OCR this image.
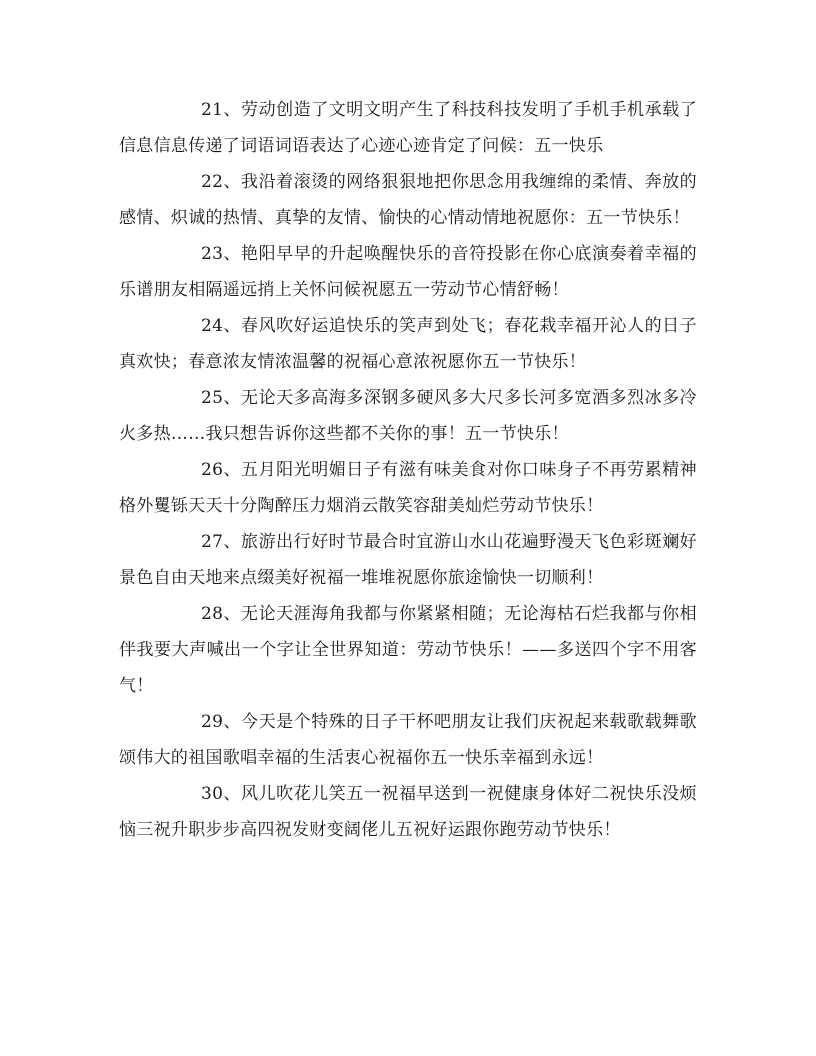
21、劳动创造了文明文明产生了科技科技发明了手机手机承载了信息信息传递了词语词语表达了心迹心迹肯定了问候：五一快乐

22、我沿着滚烫的网络狠狠地把你思念用我缠绵的柔情、奔放的感情、炽诚的热情、真挚的友情、愉快的心情动情地祝愿你：五一节快乐！

23、艳阳早早的升起唤醒快乐的音符投影在你心底演奏着幸福的乐谱朋友相隔遥远捎上关怀问候祝愿五一劳动节心情舒畅！

24、春风吹好运追快乐的笑声到处飞；春花栽幸福开沁人的日子真欢快；春意浓友情浓温馨的祝福心意浓祝愿你五一节快乐！

25、无论天多高海多深钢多硬风多大尺多长河多宽酒多烈冰多冷火多热……我只想告诉你这些都不关你的事！五一节快乐！

26、五月阳光明媚日子有滋有味美食对你口味身子不再劳累精神格外矍铄天天十分陶醉压力烟消云散笑容甜美灿烂劳动节快乐！

27、旅游出行好时节最合时宜游山水山花遍野漫天飞色彩斑斓好景色自由天地来点缀美好祝福一堆堆祝愿你旅途愉快一切顺利！

28、无论天涯海角我都与你紧紧相随；无论海枯石烂我都与你相伴我要大声喊出一个字让全世界知道：劳动节快乐！——多送四个字不用客气！

29、今天是个特殊的日子干杯吧朋友让我们庆祝起来载歌载舞歌颂伟大的祖国歌唱幸福的生活衷心祝福你五一快乐幸福到永远！

30、风儿吹花儿笑五一祝福早送到一祝健康身体好二祝快乐没烦恼三祝升职步步高四祝发财变阔佬儿五祝好运跟你跑劳动节快乐！
